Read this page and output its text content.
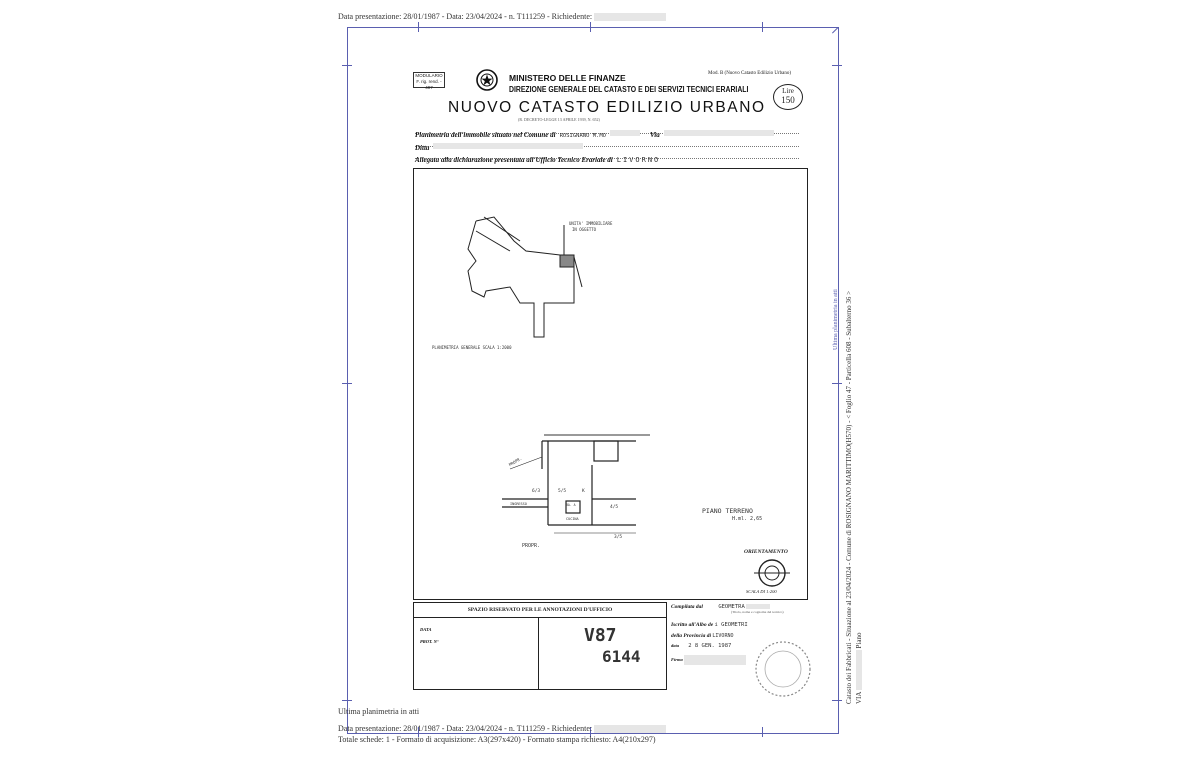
Data presentazione: 28/01/1987 - Data: 23/04/2024 - n. T111259 - Richiedente:
MODULARIO
F. rig. rend. - 497
MINISTERO DELLE FINANZE
DIREZIONE GENERALE DEL CATASTO E DEI SERVIZI TECNICI ERARIALI
Mod. B (Nuovo Catasto Edilizio Urbano)
NUOVO CATASTO EDILIZIO URBANO
Lire
150
(R. DECRETO-LEGGE 13 APRILE 1939, N. 652)
Planimetria dell'immobile situato nel Comune di ROSIGNANO M.MO	Via
Ditta
Allegata alla dichiarazione presentata all'Ufficio Tecnico Erariale di LIVORNO
UNITA' IMMOBILIARE
IN OGGETTO
PLANIMETRIA GENERALE SCALA 1:2000
PROPR.
PROPR.
6/3	5/5
4/5
3/5
K
INGRESSO	BA. A
CUCINA
PIANO TERRENO
H.ml. 2,65
ORIENTAMENTO
SCALA DI 1:200
SPAZIO RISERVATO PER LE ANNOTAZIONI D'UFFICIO
DATA
PROT. N°	V87
6144
Compilata dal	GEOMETRA
(Titolo, nome e cognome del tecnico)
Iscritto all'Albo de i GEOMETRI
della Provincia di LIVORNO
data 2 8 GEN. 1987
Firma	Catasto dei Fabbricati - Situazione al 23/04/2024 - Comune di ROSIGNANO MARITTIMO(H570) - < Foglio 47 - Particella 608 - Subalterno 36 > VIA  Piano
Ultima planimetria in atti
Ultima planimetria in atti
Data presentazione: 28/01/1987 - Data: 23/04/2024 - n. T111259 - Richiedente:
Totale schede: 1 - Formato di acquisizione: A3(297x420) - Formato stampa richiesto: A4(210x297)
